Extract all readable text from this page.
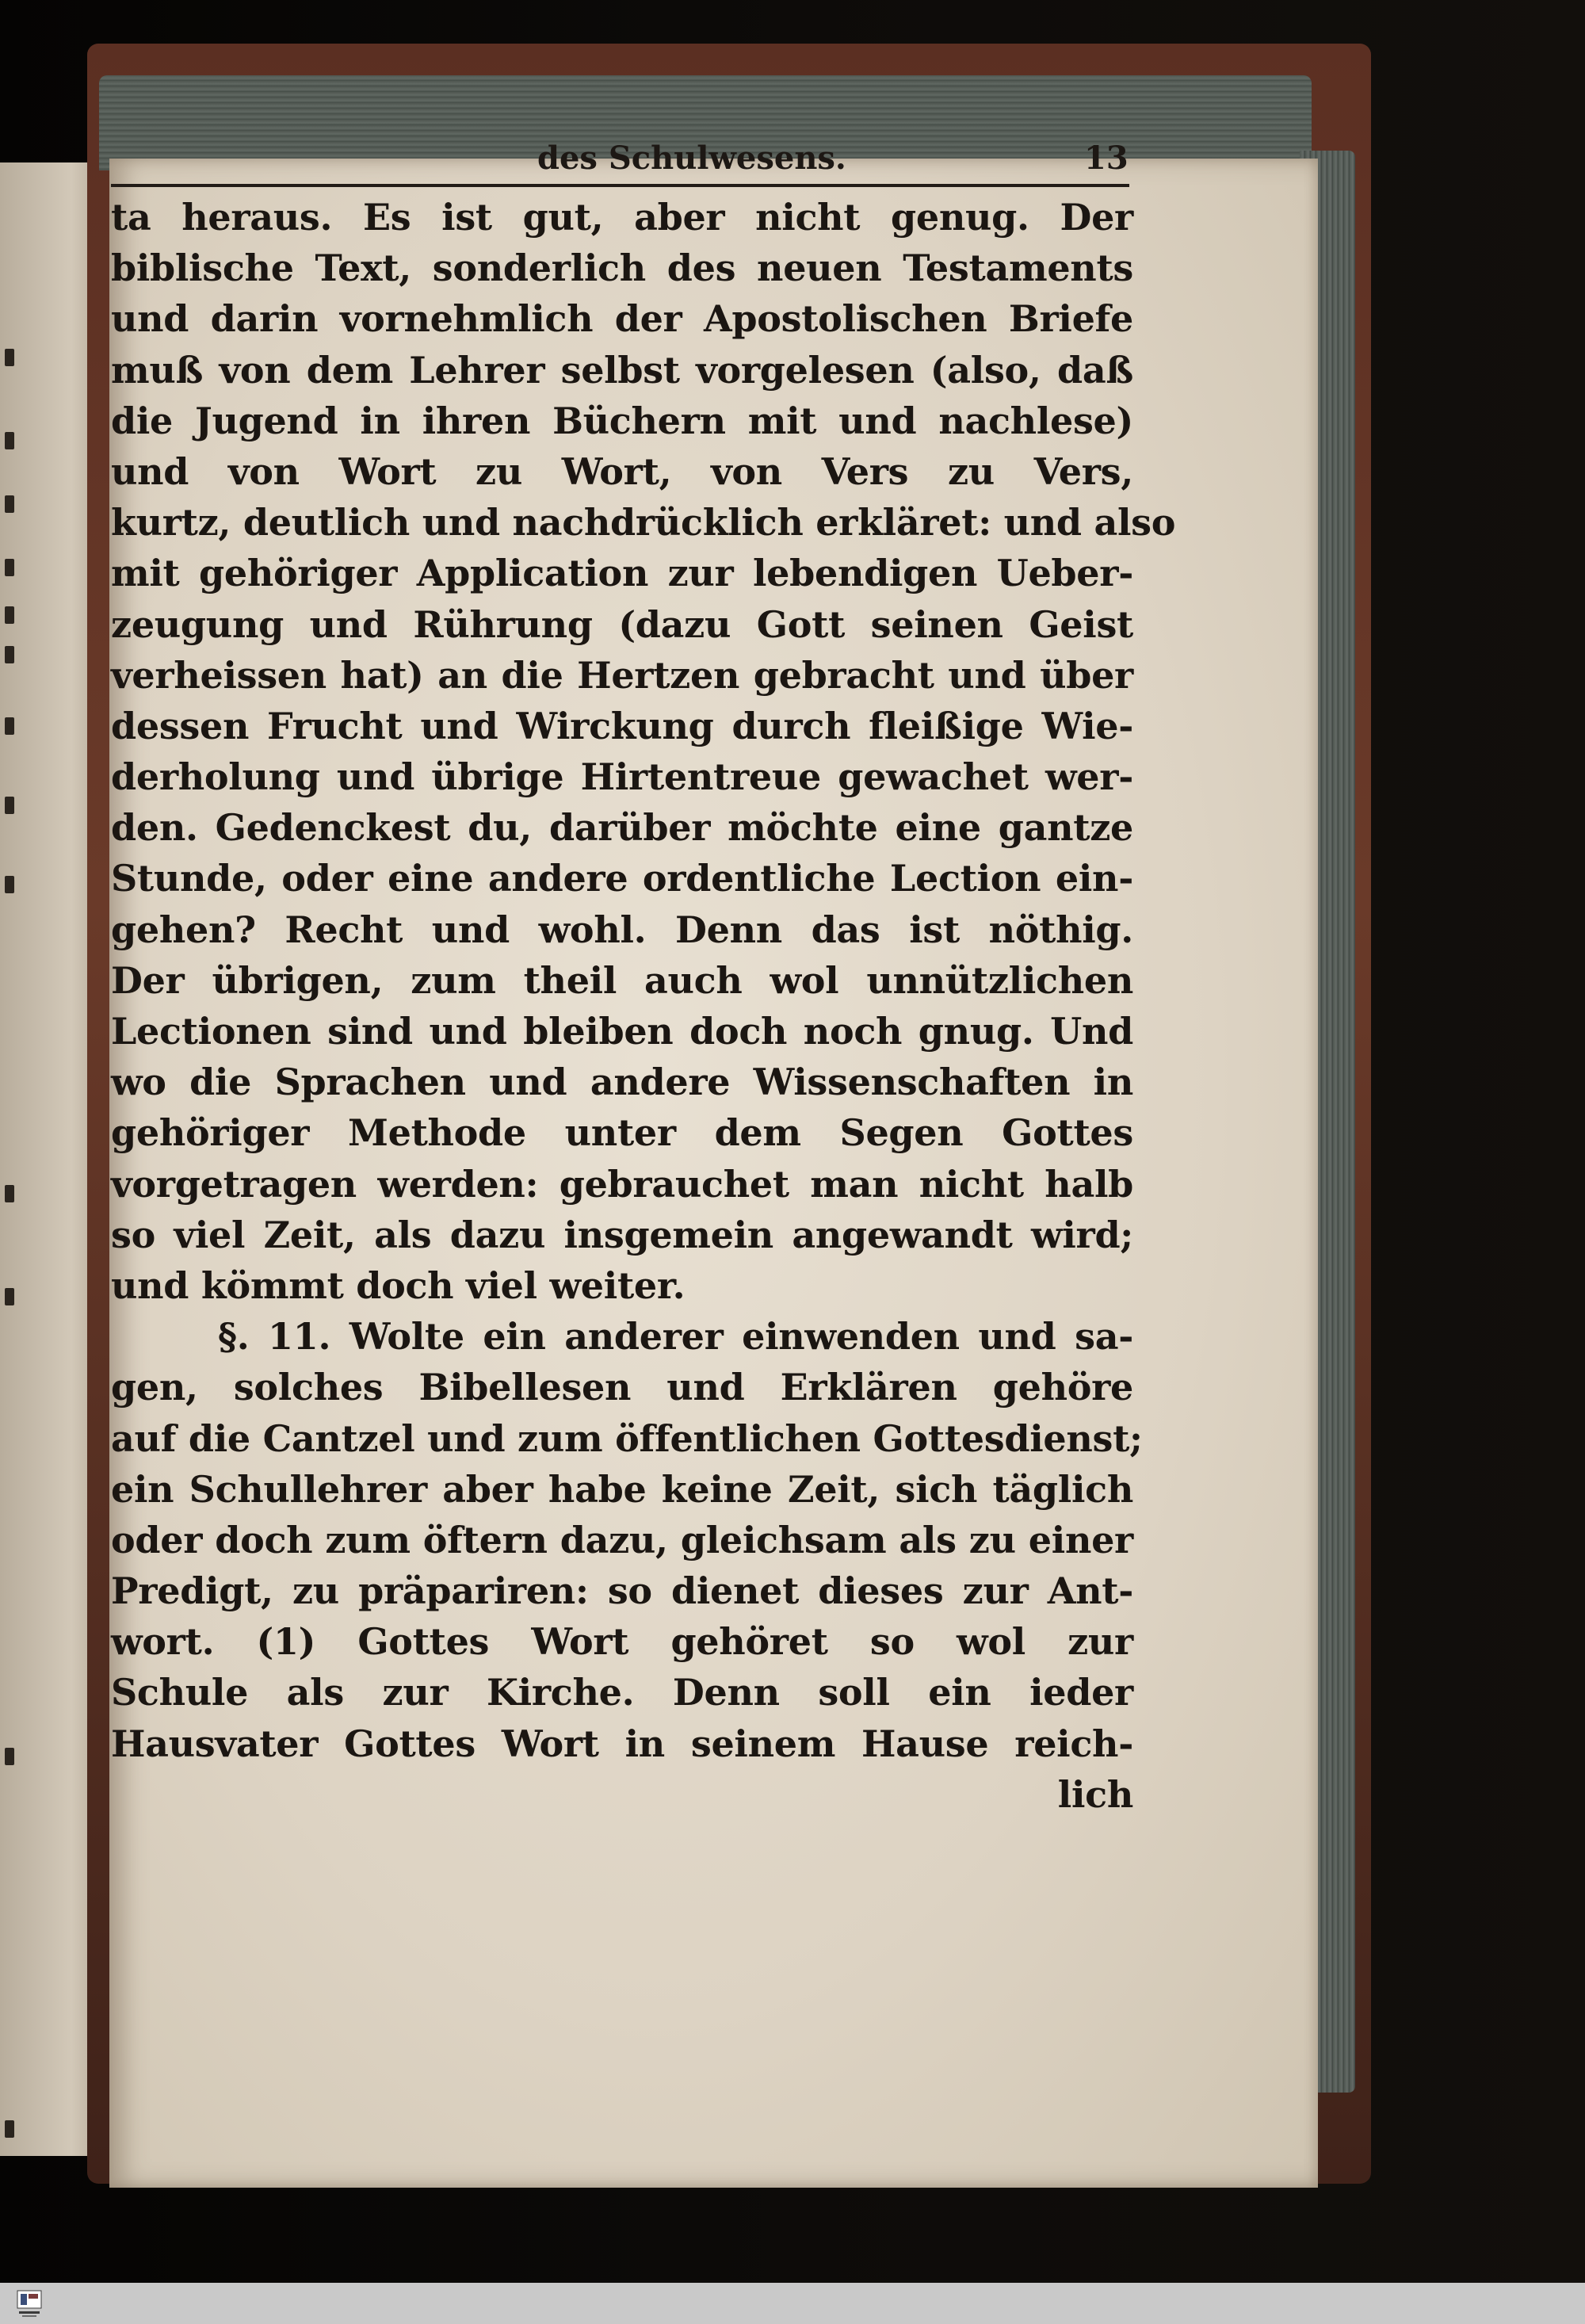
des Schulwesens.	13
ta heraus. Es ist gut, aber nicht genug. Der
biblische Text, sonderlich des neuen Testaments
und darin vornehmlich der Apostolischen Briefe
muß von dem Lehrer selbst vorgelesen (also, daß
die Jugend in ihren Büchern mit und nachlese)
und von Wort zu Wort, von Vers zu Vers,
kurtz, deutlich und nachdrücklich erkläret: und also
mit gehöriger Application zur lebendigen Ueber-
zeugung und Rührung (dazu Gott seinen Geist
verheissen hat) an die Hertzen gebracht und über
dessen Frucht und Wirckung durch fleißige Wie-
derholung und übrige Hirtentreue gewachet wer-
den. Gedenckest du, darüber möchte eine gantze
Stunde, oder eine andere ordentliche Lection ein-
gehen? Recht und wohl. Denn das ist nöthig.
Der übrigen, zum theil auch wol unnützlichen
Lectionen sind und bleiben doch noch gnug. Und
wo die Sprachen und andere Wissenschaften in
gehöriger Methode unter dem Segen Gottes
vorgetragen werden: gebrauchet man nicht halb
so viel Zeit, als dazu insgemein angewandt wird;
und kömmt doch viel weiter.
§. 11. Wolte ein anderer einwenden und sa-
gen, solches Bibellesen und Erklären gehöre
auf die Cantzel und zum öffentlichen Gottesdienst;
ein Schullehrer aber habe keine Zeit, sich täglich
oder doch zum öftern dazu, gleichsam als zu einer
Predigt, zu präpariren: so dienet dieses zur Ant-
wort. (1) Gottes Wort gehöret so wol zur
Schule als zur Kirche. Denn soll ein ieder
Hausvater Gottes Wort in seinem Hause reich-
lich
